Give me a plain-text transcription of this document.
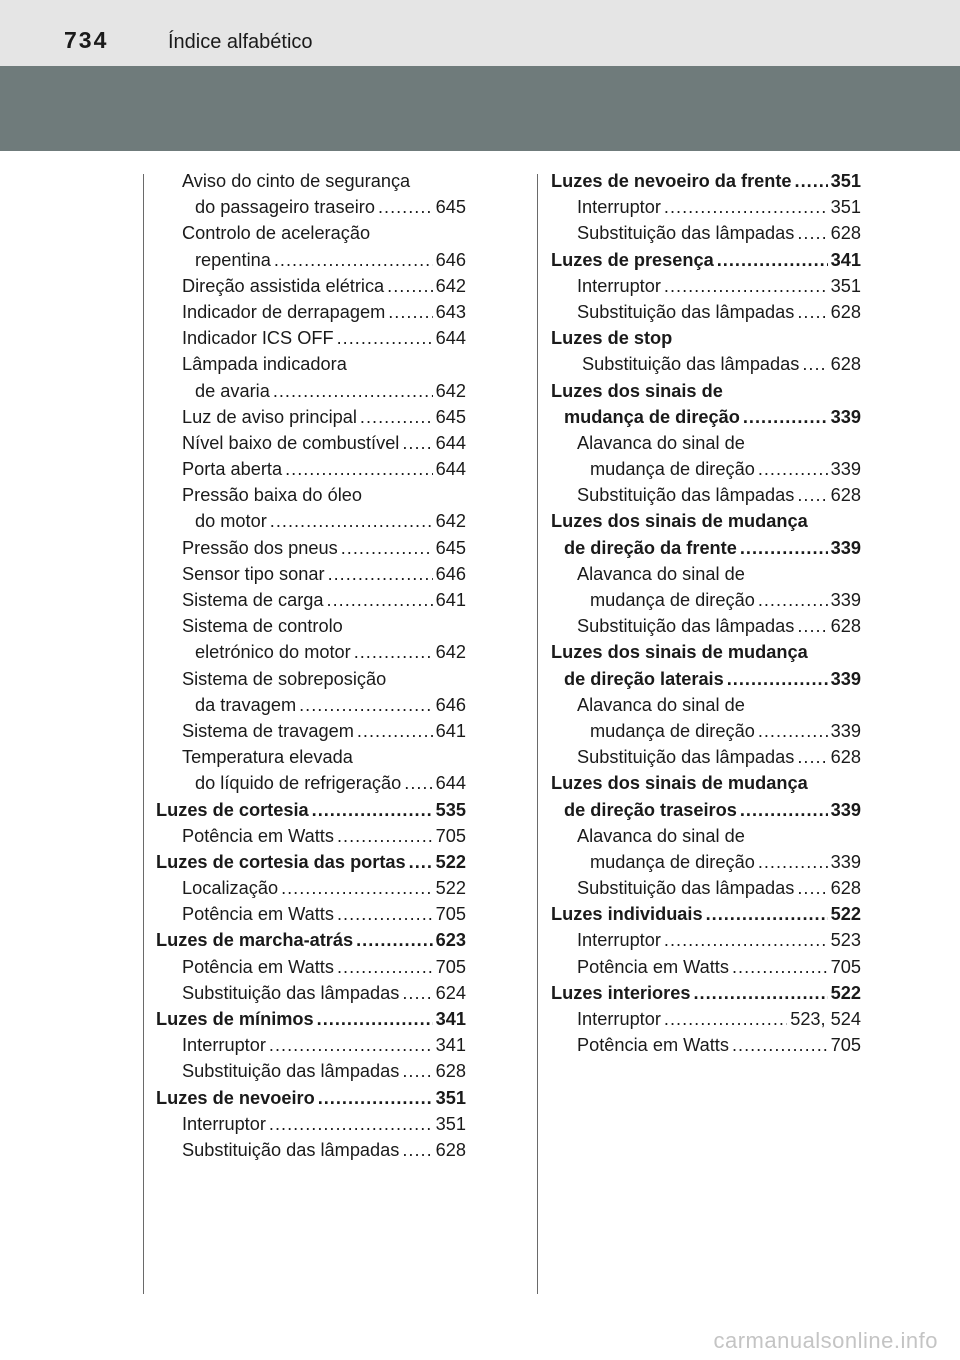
734	Índice alfabético
Aviso do cinto de segurança
do passageiro traseiro .....	645
Controlo de aceleração
repentina .....	646
Direção assistida elétrica .....	642
Indicador de derrapagem .....	643
Indicador ICS OFF .....	644
Lâmpada indicadora
de avaria .....	642
Luz de aviso principal .....	645
Nível baixo de combustível ..... 644
Porta aberta .....	644
Pressão baixa do óleo
do motor .....	642
Pressão dos pneus .....	645
Sensor tipo sonar .....	646
Sistema de carga .....	641
Sistema de controlo
eletrónico do motor .....	642
Sistema de sobreposição
da travagem .....	646
Sistema de travagem .....	641
Temperatura elevada
do líquido de refrigeração ..... 644
Luzes de cortesia .....	535
Potência em Watts .....	705
Luzes de cortesia das portas ..... 522
Localização .....	522
Potência em Watts .....	705
Luzes de marcha-atrás .....	623
Potência em Watts .....	705
Substituição das lâmpadas ..... 624
Luzes de mínimos .....	341
Interruptor .....	341
Substituição das lâmpadas ..... 628
Luzes de nevoeiro .....	351
Interruptor .....	351
Substituição das lâmpadas ..... 628
Luzes de nevoeiro da frente ..... 351
Interruptor .....	351
Substituição das lâmpadas ..... 628
Luzes de presença .....	341
Interruptor .....	351
Substituição das lâmpadas ..... 628
Luzes de stop
Substituição das lâmpadas ..... 628
Luzes dos sinais de
mudança de direção .....	339
Alavanca do sinal de
mudança de direção .....	339
Substituição das lâmpadas ..... 628
Luzes dos sinais de mudança
de direção da frente .....	339
Alavanca do sinal de
mudança de direção .....	339
Substituição das lâmpadas ..... 628
Luzes dos sinais de mudança
de direção laterais .....	339
Alavanca do sinal de
mudança de direção .....	339
Substituição das lâmpadas ..... 628
Luzes dos sinais de mudança
de direção traseiros .....	339
Alavanca do sinal de
mudança de direção .....	339
Substituição das lâmpadas ..... 628
Luzes individuais .....	522
Interruptor .....	523
Potência em Watts .....	705
Luzes interiores .....	522
Interruptor .....	523, 524
Potência em Watts .....	705
carmanualsonline.info
